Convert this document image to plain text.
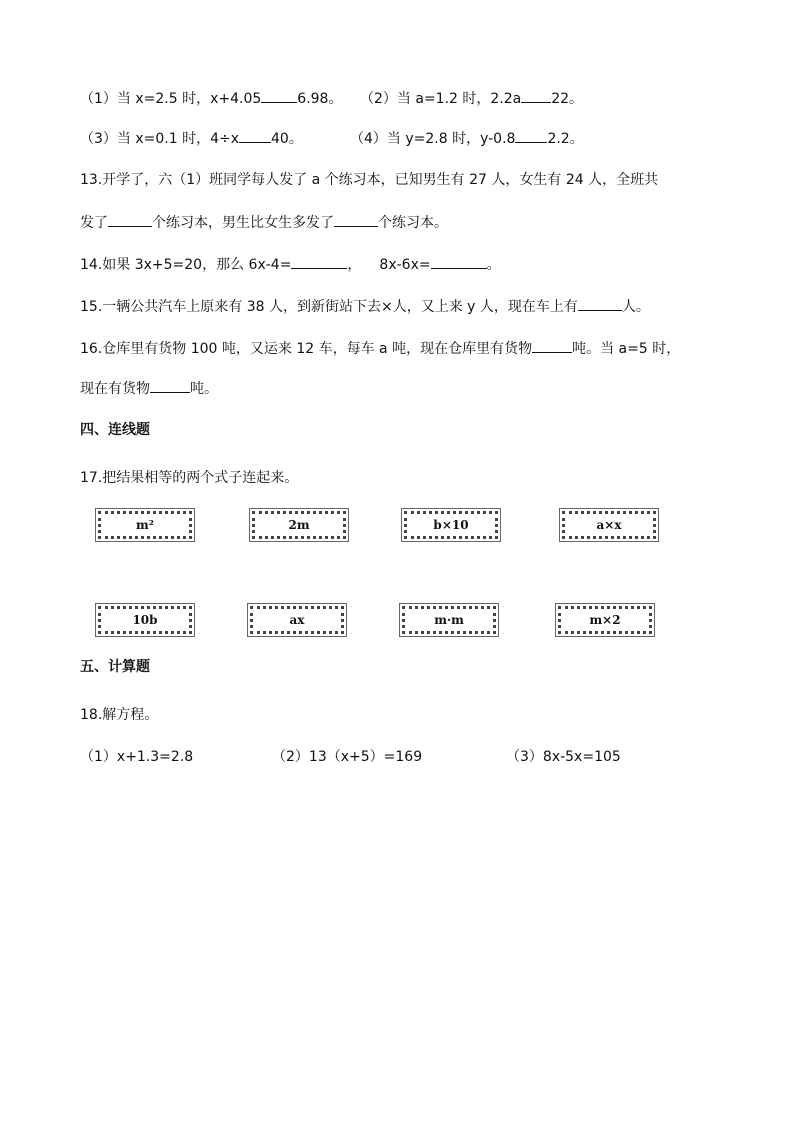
（1）当 x=2.5 时，x+4.05	6.98。 （2）当 a=1.2 时，2.2a 22。
（3）当 x=0.1 时，4÷x 40。	（4）当 y=2.8 时，y-0.8 2.2。
13.开学了，六（1）班同学每人发了 a 个练习本，已知男生有 27 人，女生有 24 人，全班共
发了	个练习本，男生比女生多发了	个练习本。
14.如果 3x+5=20，那么 6x-4=	， 8x-6x=	。
15.一辆公共汽车上原来有 38 人，到新街站下去×人，又上来 y 人，现在车上有	人。
16.仓库里有货物 100 吨，又运来 12 车，每车 a 吨，现在仓库里有货物	吨。当 a=5 时，
现在有货物	吨。
四、连线题
17.把结果相等的两个式子连起来。
m²	2m	b×10	a×x
10b	ax	m·m	m×2
五、计算题
18.解方程。
（1）x+1.3=2.8	（2）13（x+5）=169	（3）8x-5x=105
